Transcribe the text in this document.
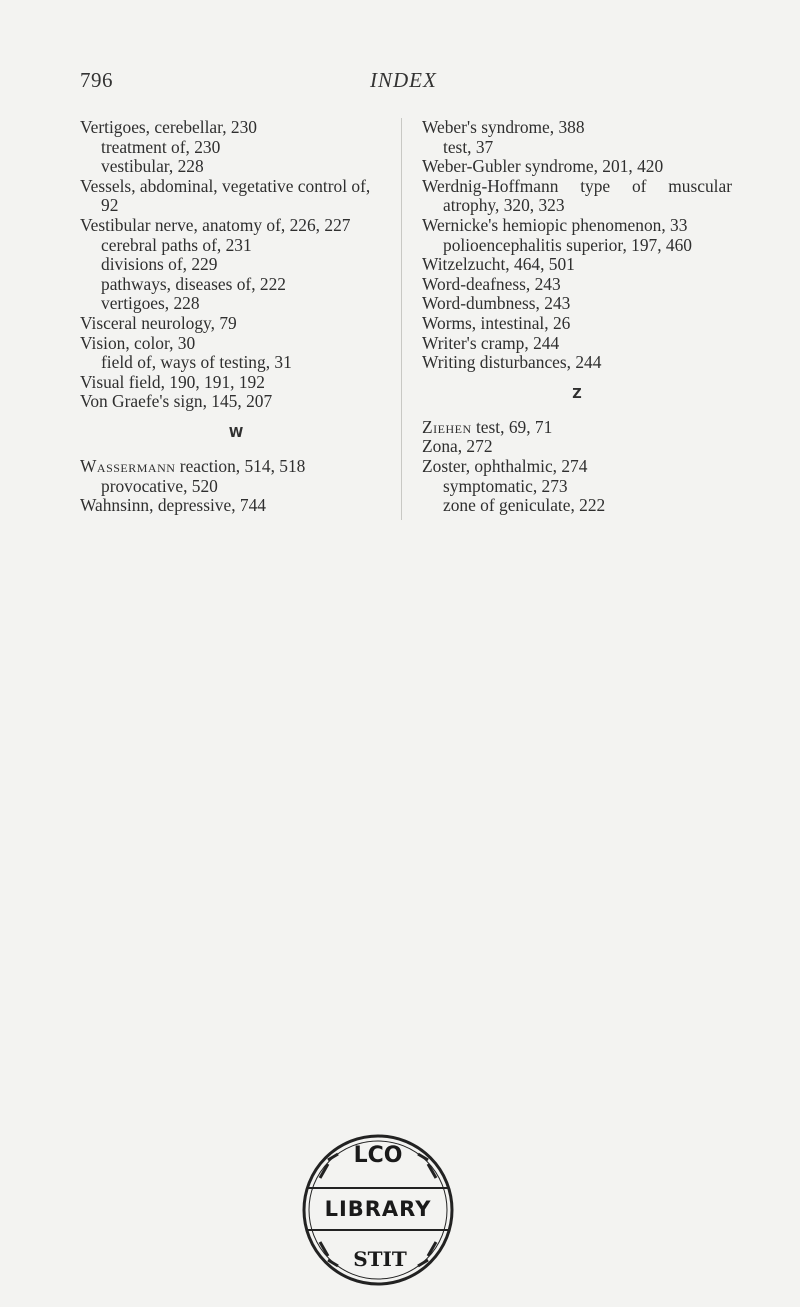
796	INDEX

Vertigoes, cerebellar, 230

treatment of, 230

vestibular, 228

Vessels, abdominal, vegetative control of,

92

Vestibular nerve, anatomy of, 226, 227

cerebral paths of, 231

divisions of, 229

pathways, diseases of, 222

vertigoes, 228

Visceral neurology, 79

Vision, color, 30

field of, ways of testing, 31

Visual field, 190, 191, 192

Von Graefe's sign, 145, 207

W

Wassermann reaction, 514, 518

provocative, 520

Wahnsinn, depressive, 744

Weber's syndrome, 388

test, 37

Weber-Gubler syndrome, 201, 420

Werdnig-Hoffmann type of muscular

atrophy, 320, 323

Wernicke's hemiopic phenomenon, 33

polioencephalitis superior, 197, 460

Witzelzucht, 464, 501

Word-deafness, 243

Word-dumbness, 243

Worms, intestinal, 26

Writer's cramp, 244

Writing disturbances, 244

Z

Ziehen test, 69, 71

Zona, 272

Zoster, ophthalmic, 274

symptomatic, 273

zone of geniculate, 222

LIBRARY
LCO
STIT
